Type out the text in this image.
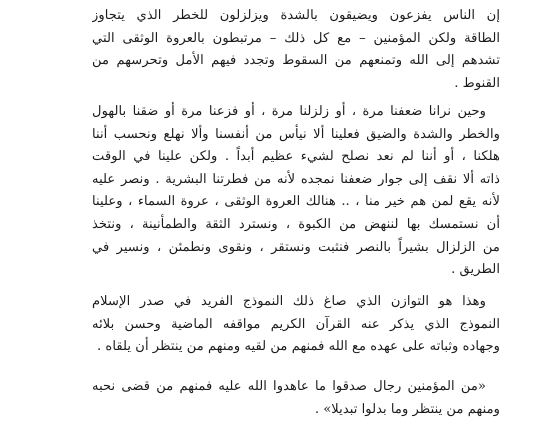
إن الناس يفزعون ويضيقون بالشدة ويزلزلون للخطر الذي يتجاوز
الطاقة ولكن المؤمنين – مع كل ذلك – مرتبطون بالعروة الوثقى التي
تشدهم إلى الله وتمنعهم من السقوط وتجدد فيهم الأمل وتحرسهم من
القنوط .
وحين نرانا ضعفنا مرة ، أو زلزلنا مرة ، أو فزعنا مرة أو ضقنا بالهول
والخطر والشدة والضيق فعلينا ألا نيأس من أنفسنا وألا نهلع ونحسب أننا
هلكنا ، أو أننا لم نعد نصلح لشيء عظيم أبداً . ولكن علينا في الوقت
ذاته ألا نقف إلى جوار ضعفنا نمجده لأنه من فطرتنا البشرية . ونصر عليه
لأنه يقع لمن هم خير منا ، .. هنالك العروة الوثقى ، عروة السماء ، وعلينا
أن نستمسك بها لننهض من الكبوة ، ونسترد الثقة والطمأنينة ، ونتخذ
من الزلزال بشيراً بالنصر فنثبت ونستقر ، ونقوى ونطمئن ، ونسير في
الطريق .
وهذا هو التوازن الذي صاغ ذلك النموذج الفريد في صدر الإسلام
النموذج الذي يذكر عنه القرآن الكريم مواقفه الماضية وحسن بلائه
وجهاده وثباته على عهده مع الله فمنهم من لقيه ومنهم من ينتظر أن يلقاه .
«من المؤمنين رجال صدقوا ما عاهدوا الله عليه فمنهم من قضى نحبه
ومنهم من ينتظر وما بدلوا تبديلا» .
